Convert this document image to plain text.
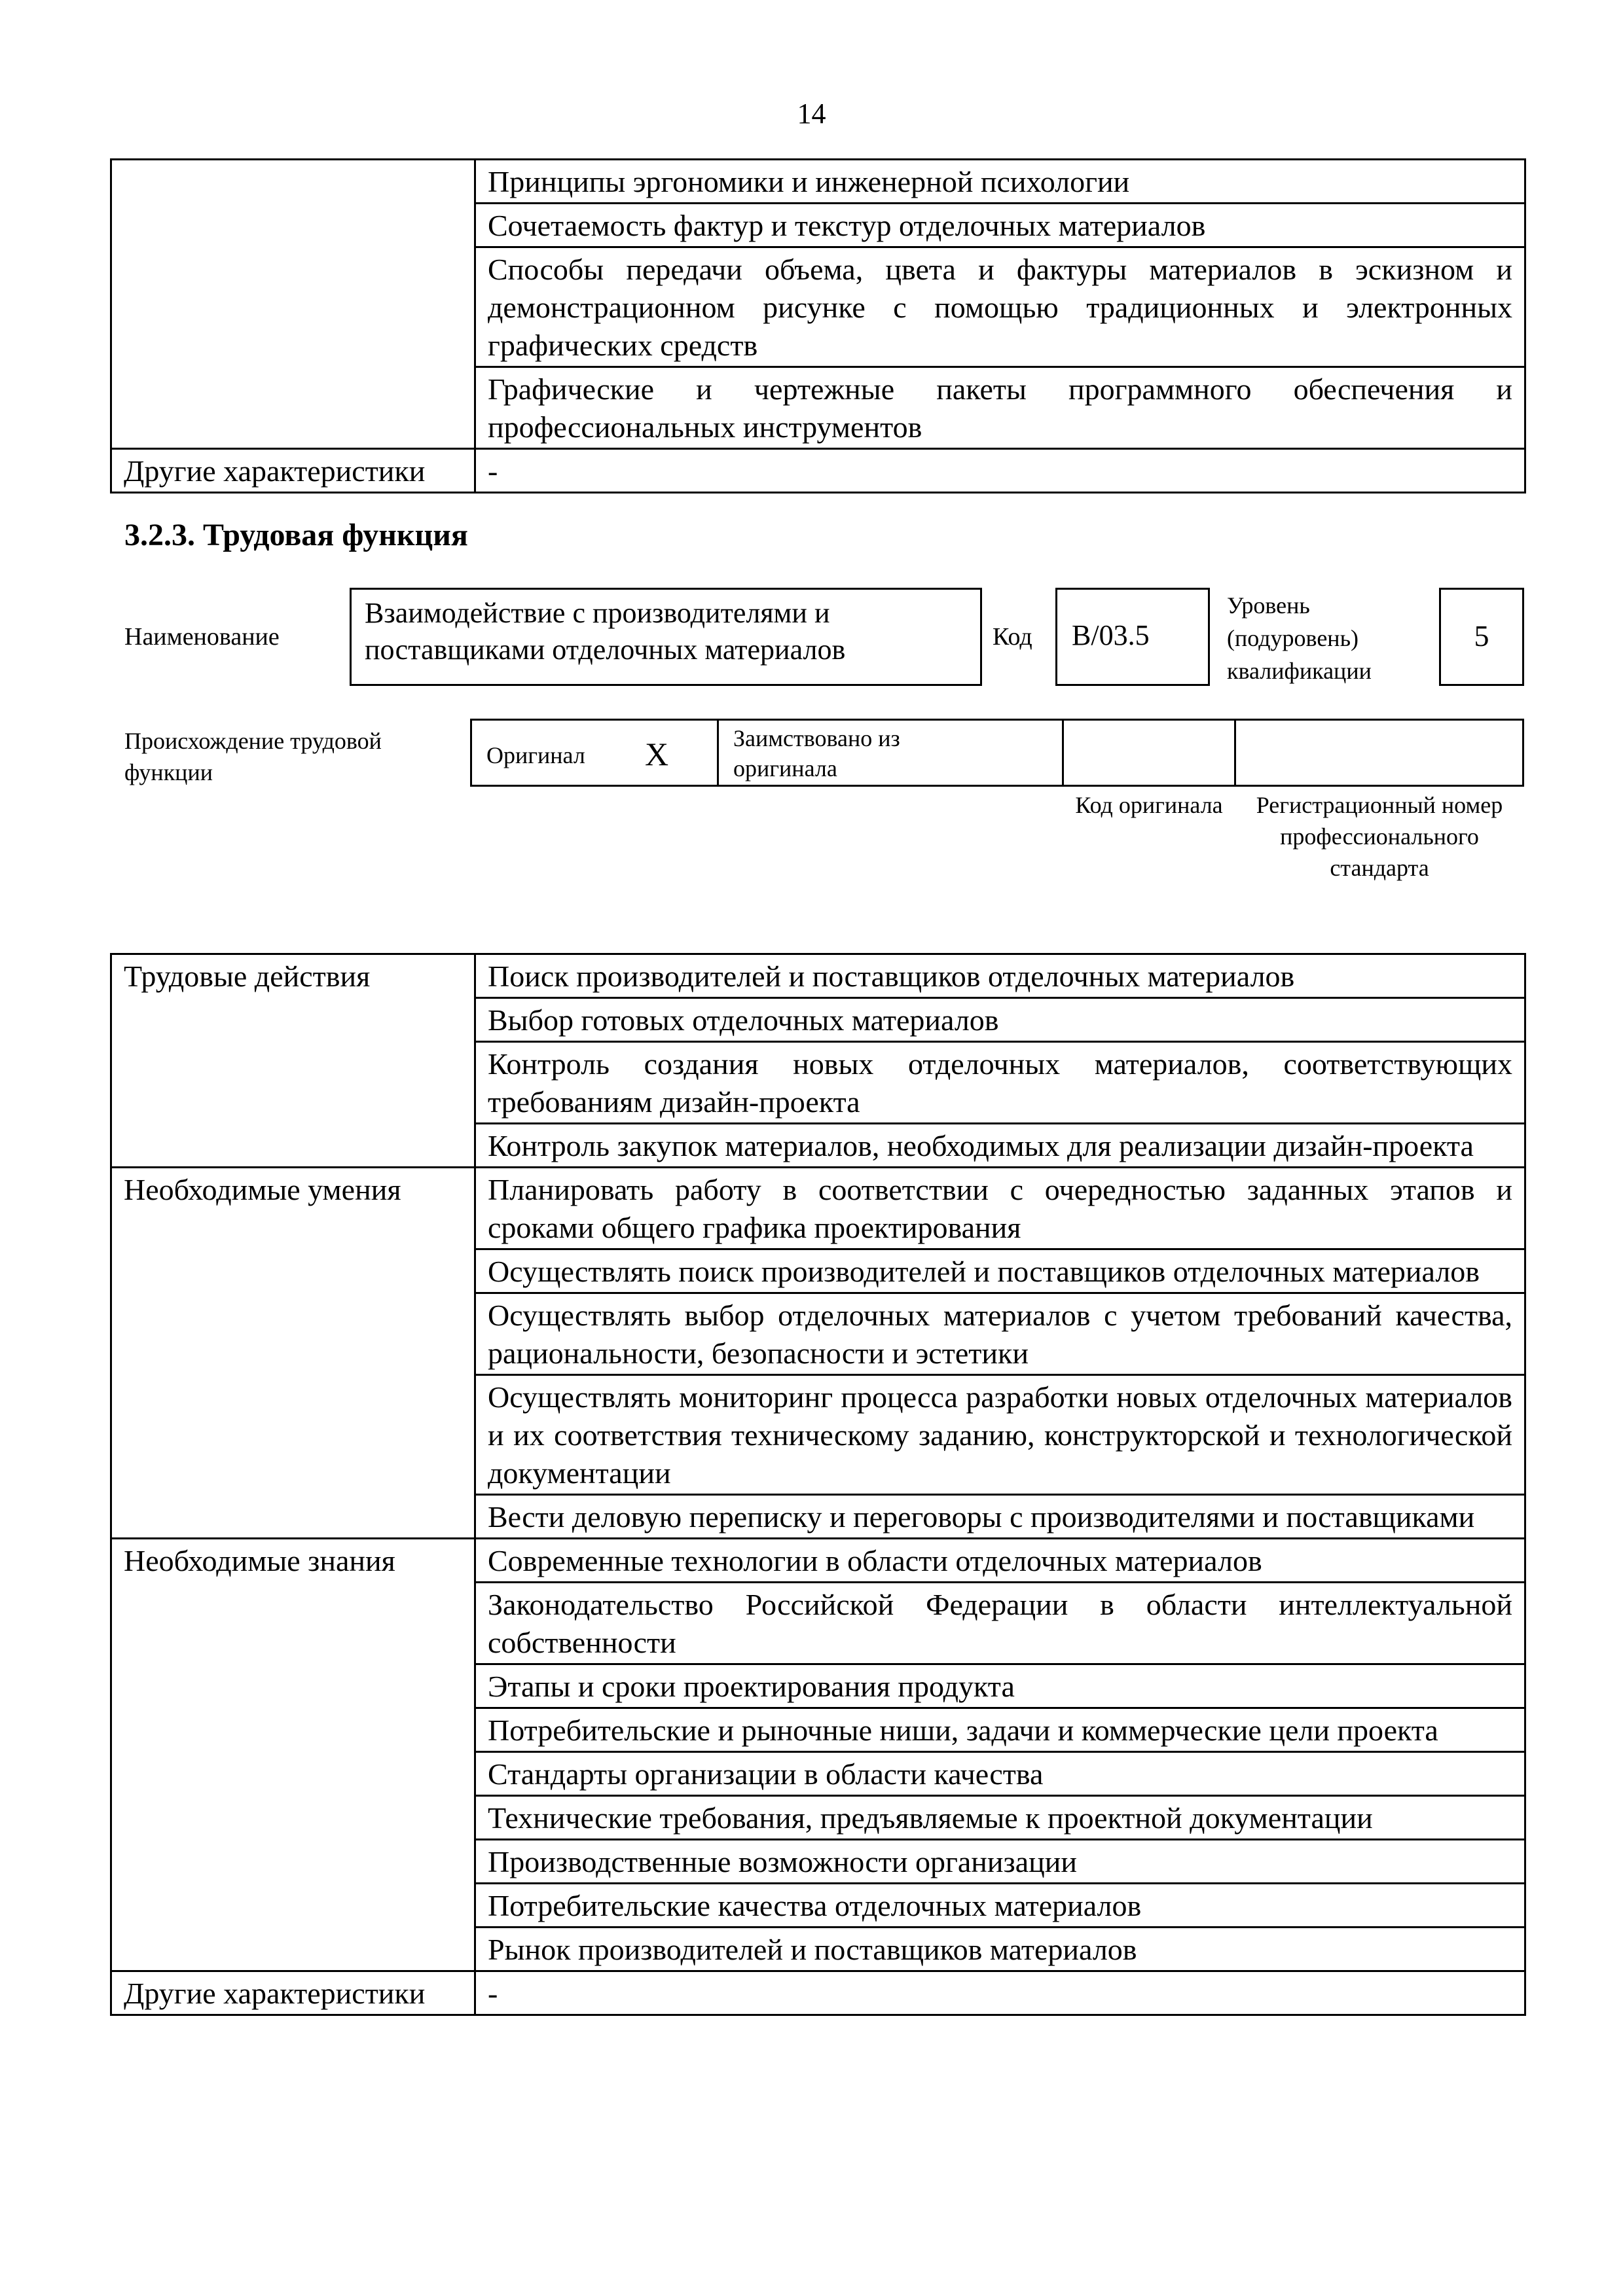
14
	Принципы эргономики и инженерной психологии
	Сочетаемость фактур и текстур отделочных материалов
	Способы передачи объема, цвета и фактуры материалов в эскизном и демонстрационном рисунке с помощью традиционных и электронных графических средств
	Графические и чертежные пакеты программного обеспечения и профессиональных инструментов
Другие характеристики	-
3.2.3. Трудовая функция
Наименование
Взаимодействие с производителями и поставщиками отделочных материалов	Код	B/03.5
Уровень (подуровень) квалификации
5
Происхождение трудовой функции
Оригинал X	Заимствовано из оригинала
Код оригинала	Регистрационный номер профессионального стандарта
Трудовые действия	Поиск производителей и поставщиков отделочных материалов
	Выбор готовых отделочных материалов
	Контроль создания новых отделочных материалов, соответствующих требованиям дизайн-проекта
	Контроль закупок материалов, необходимых для реализации дизайн-проекта
Необходимые умения	Планировать работу в соответствии с очередностью заданных этапов и сроками общего графика проектирования
	Осуществлять поиск производителей и поставщиков отделочных материалов
	Осуществлять выбор отделочных материалов с учетом требований качества, рациональности, безопасности и эстетики
	Осуществлять мониторинг процесса разработки новых отделочных материалов и их соответствия техническому заданию, конструкторской и технологической документации
	Вести деловую переписку и переговоры с производителями и поставщиками
Необходимые знания	Современные технологии в области отделочных материалов
	Законодательство Российской Федерации в области интеллектуальной собственности
	Этапы и сроки проектирования продукта
	Потребительские и рыночные ниши, задачи и коммерческие цели проекта
	Стандарты организации в области качества
	Технические требования, предъявляемые к проектной документации
	Производственные возможности организации
	Потребительские качества отделочных материалов
	Рынок производителей и поставщиков материалов
Другие характеристики	-
